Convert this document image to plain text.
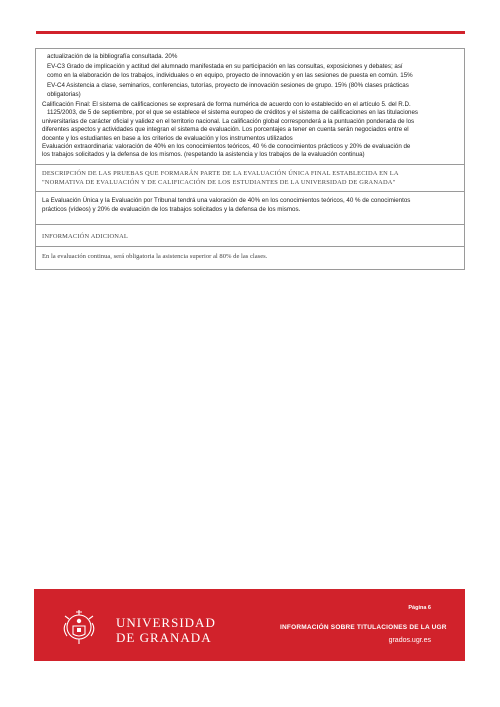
actualización de la bibliografía consultada. 20%
EV-C3 Grado de implicación y actitud del alumnado manifestada en su participación en las consultas, exposiciones y debates; así
como en la elaboración de los trabajos, individuales o en equipo, proyecto de innovación y en las sesiones de puesta en común. 15%
EV-C4 Asistencia a clase, seminarios, conferencias, tutorías, proyecto de innovación sesiones de grupo. 15% (80% clases prácticas
obligatorias)
Calificación Final: El sistema de calificaciones se expresará de forma numérica de acuerdo con lo establecido en el artículo 5. del R.D.
1125/2003, de 5 de septiembre, por el que se establece el sistema europeo de créditos y el sistema de calificaciones en las titulaciones
universitarias de carácter oficial y validez en el territorio nacional. La calificación global corresponderá a la puntuación ponderada de los
diferentes aspectos y actividades que integran el sistema de evaluación. Los porcentajes a tener en cuenta serán negociados entre el
docente y los estudiantes en base a los criterios de evaluación y los instrumentos utilizados
Evaluación extraordinaria: valoración de 40% en los conocimientos teóricos, 40 % de conocimientos prácticos y 20% de evaluación de
los trabajos solicitados y la defensa de los mismos. (respetando la asistencia y los trabajos de la evaluación continua)
DESCRIPCIÓN DE LAS PRUEBAS QUE FORMARÁN PARTE DE LA EVALUACIÓN ÚNICA FINAL ESTABLECIDA EN LA
"NORMATIVA DE EVALUACIÓN Y DE CALIFICACIÓN DE LOS ESTUDIANTES DE LA UNIVERSIDAD DE GRANADA"
La Evaluación Única y la Evaluación por Tribunal tendrá una valoración de 40% en los conocimientos teóricos, 40 % de conocimientos
prácticos (vídeos) y 20% de evaluación de los trabajos solicitados y la defensa de los mismos.
INFORMACIÓN ADICIONAL
En la evaluación continua, será obligatoria la asistencia superior al 80% de las clases.
UNIVERSIDAD
DE GRANADA
Página 6
INFORMACIÓN SOBRE TITULACIONES DE LA UGR
grados.ugr.es
